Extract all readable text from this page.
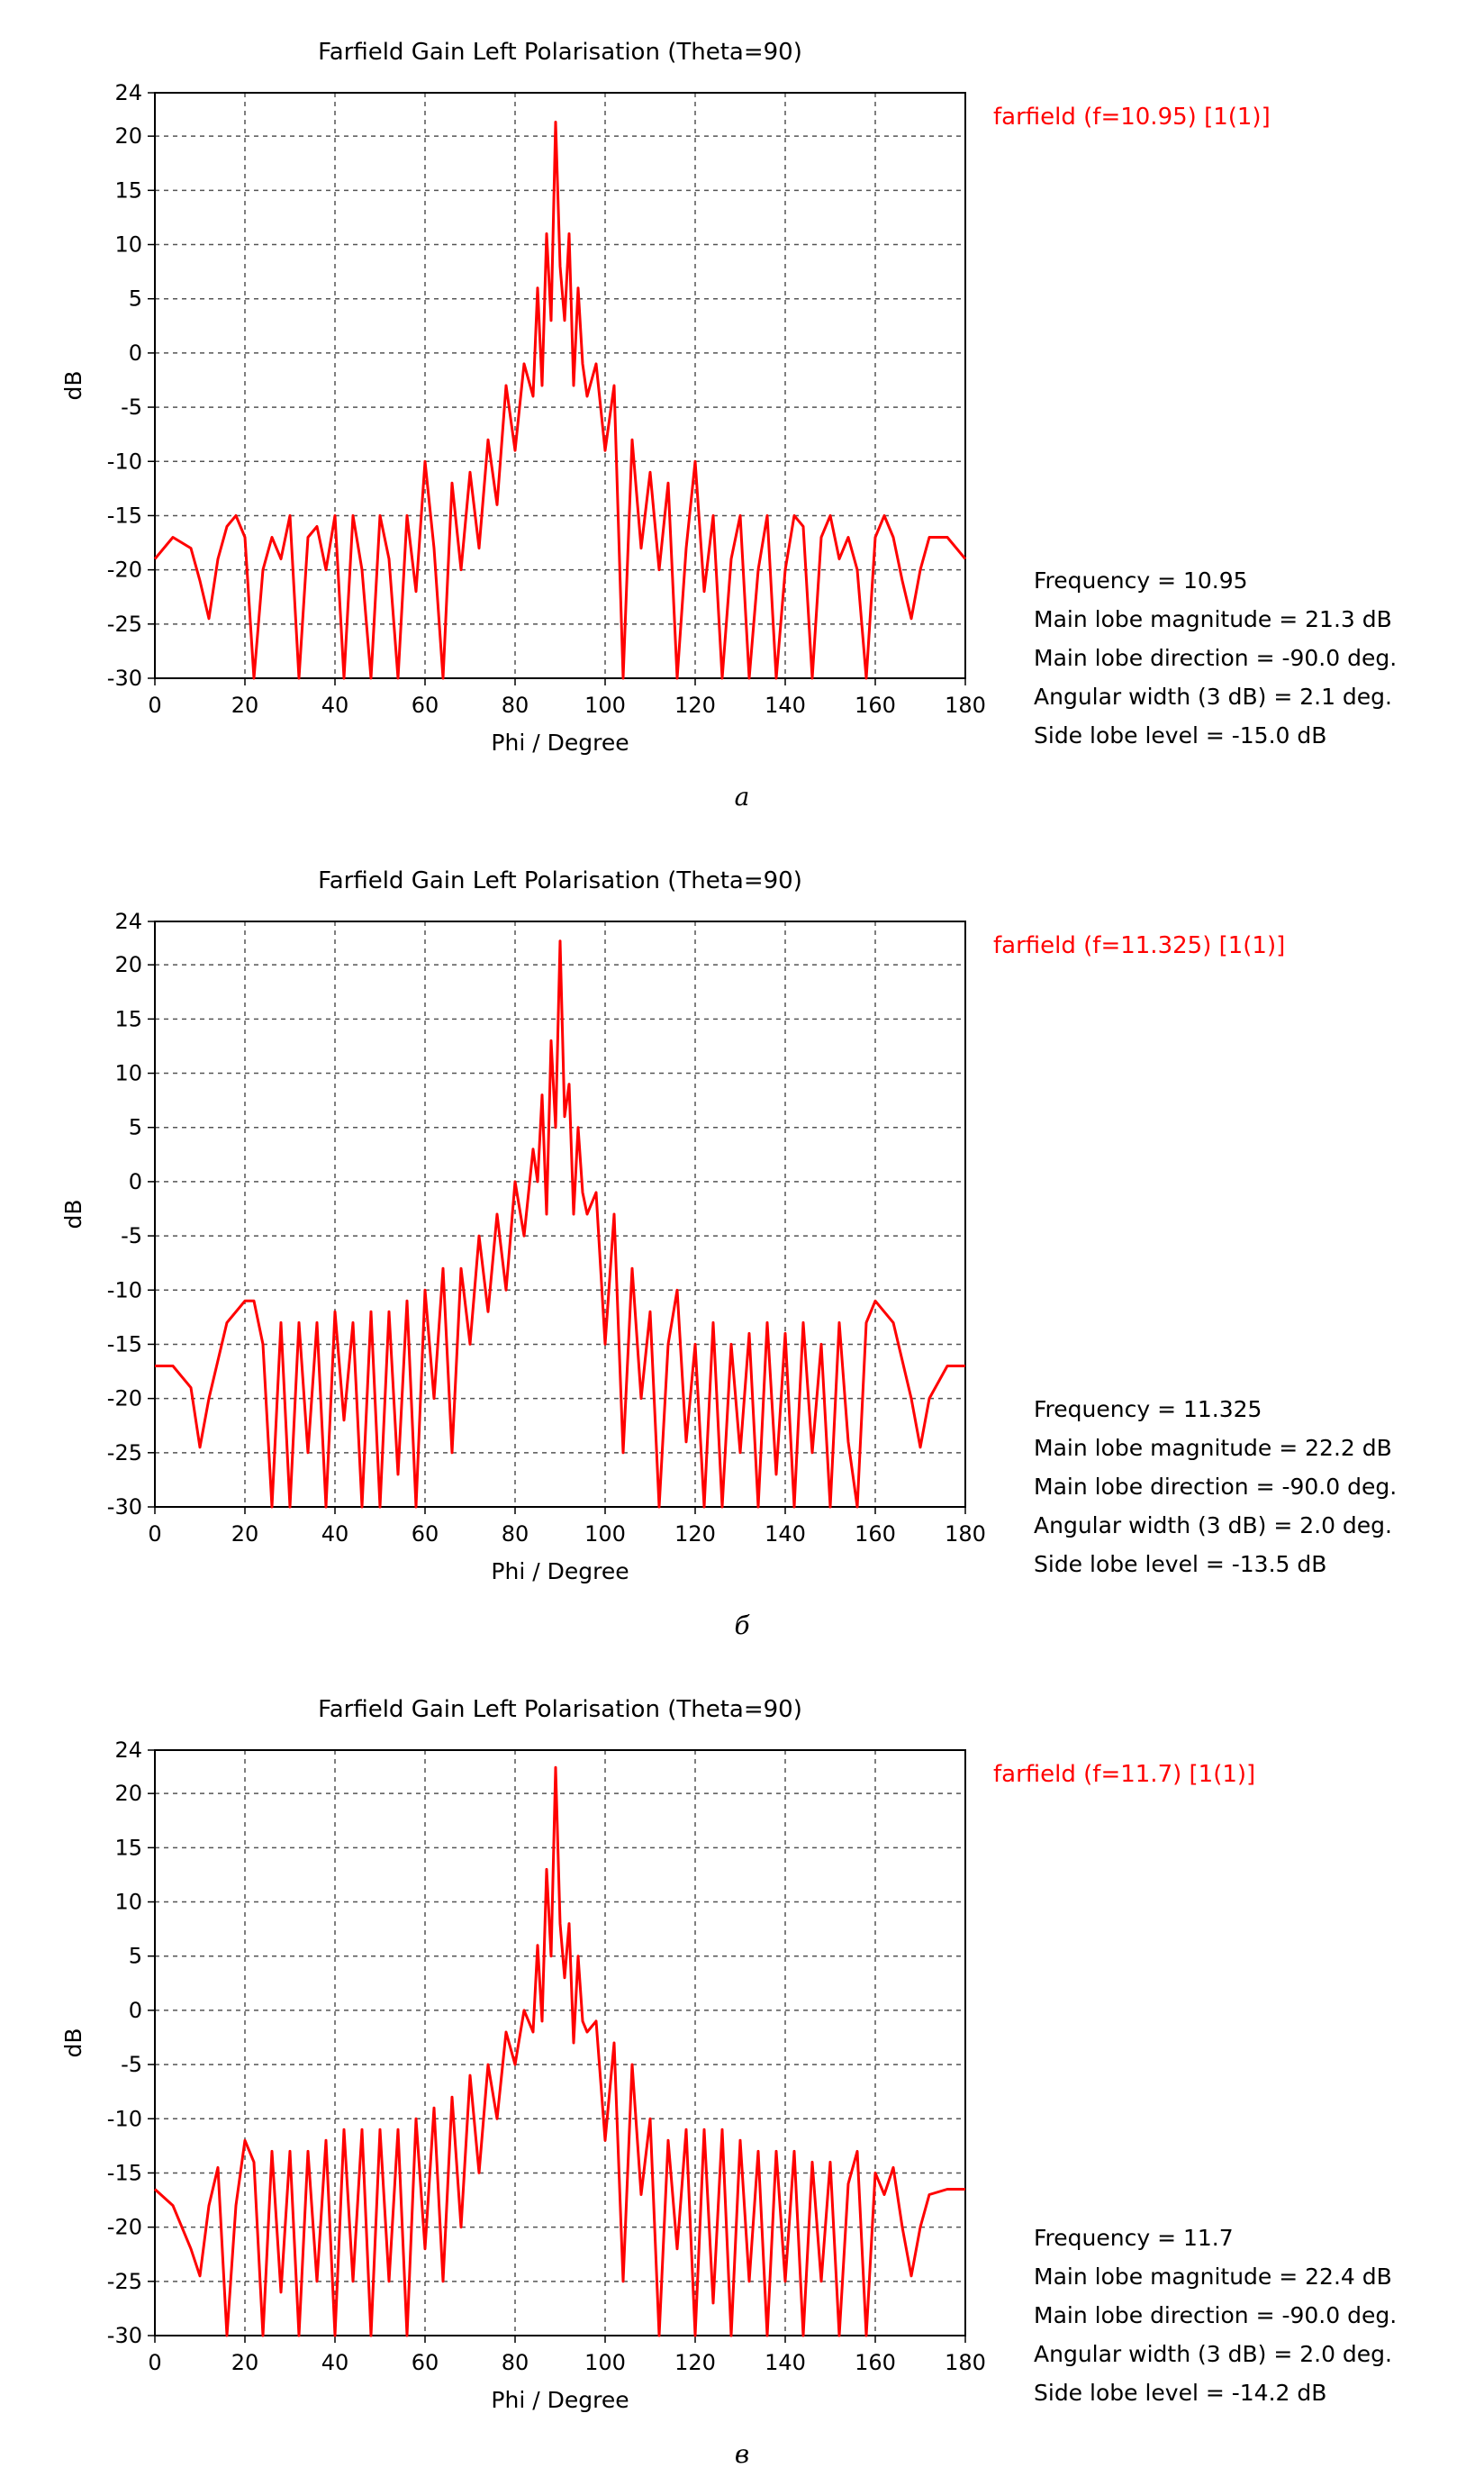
Farfield Gain Left Polarisation (Theta=90)
0	20	40	60	80	100 120 140 160 180
24
20
15
10
5
0
-5
-10
-15
-20
-25
-30
Phi / Degree
dB
farfield (f=10.95) [1(1)]
Frequency = 10.95
Main lobe magnitude = 21.3 dB
Main lobe direction = -90.0 deg.
Angular width (3 dB) = 2.1 deg.
Side lobe level = -15.0 dB
а
Farfield Gain Left Polarisation (Theta=90)
0	20	40	60	80	100 120 140 160 180
24
20
15
10
5
0
-5
-10
-15
-20
-25
-30
Phi / Degree
dB
farfield (f=11.325) [1(1)]
Frequency = 11.325
Main lobe magnitude = 22.2 dB
Main lobe direction = -90.0 deg.
Angular width (3 dB) = 2.0 deg.
Side lobe level = -13.5 dB
б
Farfield Gain Left Polarisation (Theta=90)
0	20	40	60	80	100 120 140 160 180
24
20
15
10
5
0
-5
-10
-15
-20
-25
-30
Phi / Degree
dB
farfield (f=11.7) [1(1)]
Frequency = 11.7
Main lobe magnitude = 22.4 dB
Main lobe direction = -90.0 deg.
Angular width (3 dB) = 2.0 deg.
Side lobe level = -14.2 dB
в
